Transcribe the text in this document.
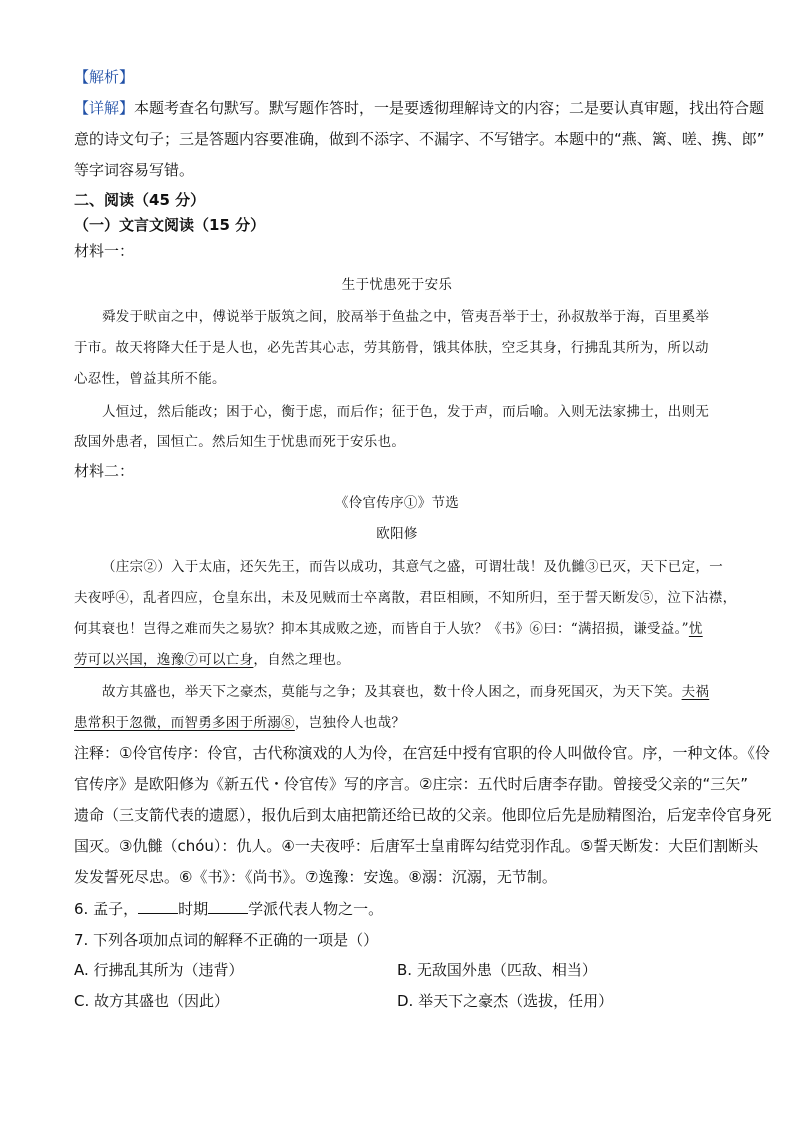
【解析】
【详解】本题考查名句默写。默写题作答时，一是要透彻理解诗文的内容；二是要认真审题，找出符合题
意的诗文句子；三是答题内容要准确，做到不添字、不漏字、不写错字。本题中的“燕、篱、嗟、携、郎”
等字词容易写错。
二、阅读（45 分）
（一）文言文阅读（15 分）
材料一：
生于忧患死于安乐
舜发于畎亩之中，傅说举于版筑之间，胶鬲举于鱼盐之中，管夷吾举于士，孙叔敖举于海，百里奚举
于市。故天将降大任于是人也，必先苦其心志，劳其筋骨，饿其体肤，空乏其身，行拂乱其所为，所以动
心忍性，曾益其所不能。
人恒过，然后能改；困于心，衡于虑，而后作；征于色，发于声，而后喻。入则无法家拂士，出则无
敌国外患者，国恒亡。然后知生于忧患而死于安乐也。
材料二：
《伶官传序①》节选
欧阳修
（庄宗②）入于太庙，还矢先王，而告以成功，其意气之盛，可谓壮哉！及仇雠③已灭，天下已定，一
夫夜呼④，乱者四应，仓皇东出，未及见贼而士卒离散，君臣相顾，不知所归，至于誓天断发⑤，泣下沾襟，
何其衰也！岂得之难而失之易欤？抑本其成败之迹，而皆自于人欤？《书》⑥曰：“满招损，谦受益。”忧
劳可以兴国，逸豫⑦可以亡身，自然之理也。
故方其盛也，举天下之豪杰，莫能与之争；及其衰也，数十伶人困之，而身死国灭，为天下笑。夫祸
患常积于忽微，而智勇多困于所溺⑧，岂独伶人也哉？
注释：①伶官传序：伶官，古代称演戏的人为伶，在宫廷中授有官职的伶人叫做伶官。序，一种文体。《伶
官传序》是欧阳修为《新五代・伶官传》写的序言。②庄宗：五代时后唐李存勖。曾接受父亲的“三矢”
遗命（三支箭代表的遗愿），报仇后到太庙把箭还给已故的父亲。他即位后先是励精图治，后宠幸伶官身死
国灭。③仇雠（chóu）：仇人。④一夫夜呼：后唐军士皇甫晖勾结党羽作乱。⑤誓天断发：大臣们割断头
发发誓死尽忠。⑥《书》：《尚书》。⑦逸豫：安逸。⑧溺：沉溺，无节制。
6. 孟子，	时期	学派代表人物之一。
7. 下列各项加点词的解释不正确的一项是（）
A. 行拂乱其所为（违背）	B. 无敌国外患（匹敌、相当）
C. 故方其盛也（因此）	D. 举天下之豪杰（选拔，任用）
